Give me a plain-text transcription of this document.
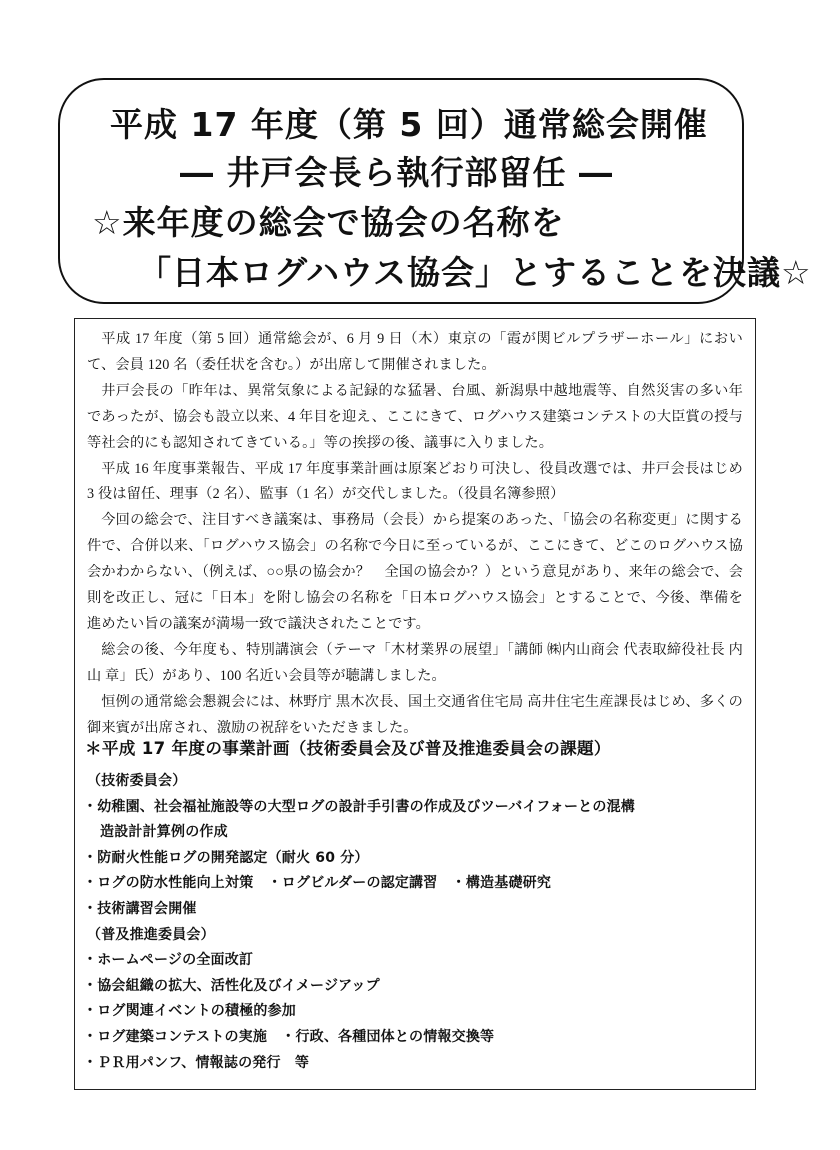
平成 17 年度（第 5 回）通常総会開催
― 井戸会長ら執行部留任 ―
☆来年度の総会で協会の名称を
「日本ログハウス協会」とすることを決議☆

平成 17 年度（第 5 回）通常総会が、6 月 9 日（木）東京の「霞が関ビルプラザーホール」において、会員 120 名（委任状を含む。）が出席して開催されました。

井戸会長の「昨年は、異常気象による記録的な猛暑、台風、新潟県中越地震等、自然災害の多い年であったが、協会も設立以来、4 年目を迎え、ここにきて、ログハウス建築コンテストの大臣賞の授与等社会的にも認知されてきている。」等の挨拶の後、議事に入りました。

平成 16 年度事業報告、平成 17 年度事業計画は原案どおり可決し、役員改選では、井戸会長はじめ 3 役は留任、理事（2 名）、監事（1 名）が交代しました。（役員名簿参照）

今回の総会で、注目すべき議案は、事務局（会長）から提案のあった、「協会の名称変更」に関する件で、合併以来、「ログハウス協会」の名称で今日に至っているが、ここにきて、どこのログハウス協会かわからない、（例えば、○○県の協会か？　全国の協会か？）という意見があり、来年の総会で、会則を改正し、冠に「日本」を附し協会の名称を「日本ログハウス協会」とすることで、今後、準備を進めたい旨の議案が満場一致で議決されたことです。

総会の後、今年度も、特別講演会（テーマ「木材業界の展望」「講師 ㈱内山商会 代表取締役社長 内山 章」氏）があり、100 名近い会員等が聴講しました。

恒例の通常総会懇親会には、林野庁 黒木次長、国土交通省住宅局 高井住宅生産課長はじめ、多くの御来賓が出席され、激励の祝辞をいただきました。

＊平成 17 年度の事業計画（技術委員会及び普及推進委員会の課題）
（技術委員会）
・幼稚園、社会福祉施設等の大型ログの設計手引書の作成及びツーバイフォーとの混構
造設計計算例の作成
・防耐火性能ログの開発認定（耐火 60 分）
・ログの防水性能向上対策　・ログビルダーの認定講習　・構造基礎研究
・技術講習会開催
（普及推進委員会）
・ホームページの全面改訂
・協会組織の拡大、活性化及びイメージアップ
・ログ関連イベントの積極的参加
・ログ建築コンテストの実施　・行政、各種団体との情報交換等
・ＰＲ用パンフ、情報誌の発行　等
